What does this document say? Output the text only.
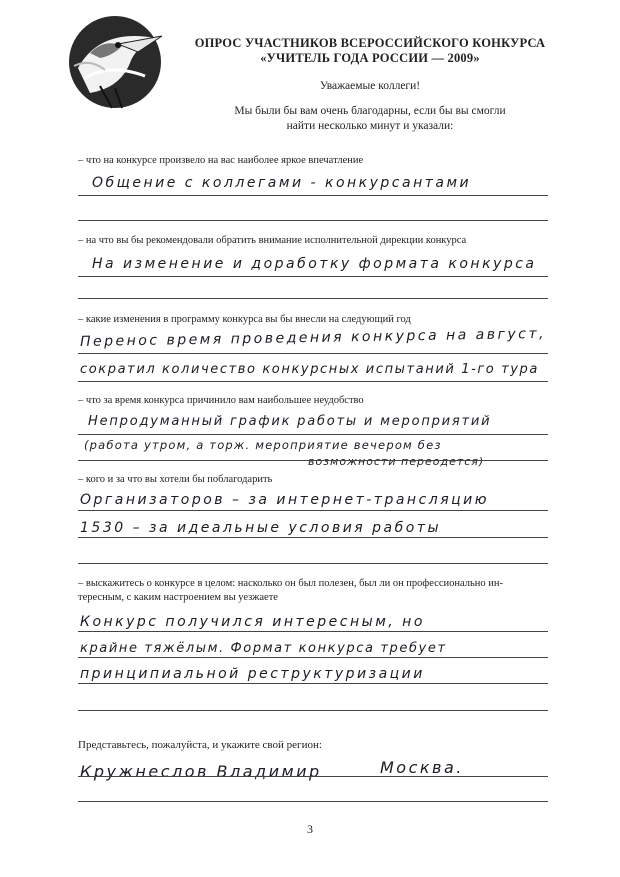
ОПРОС УЧАСТНИКОВ ВСЕРОССИЙСКОГО КОНКУРСА
«УЧИТЕЛЬ ГОДА РОССИИ — 2009»
Уважаемые коллеги!
Мы были бы вам очень благодарны, если бы вы смогли
найти несколько минут и указали:
– что на конкурсе произвело на вас наиболее яркое впечатление
Общение с коллегами - конкурсантами
– на что вы бы рекомендовали обратить внимание исполнительной дирекции конкурса
На изменение и доработку формата конкурса
– какие изменения в программу конкурса вы бы внесли на следующий год
Перенос время проведения конкурса на август,
сократил количество конкурсных испытаний 1-го тура
– что за время конкурса причинило вам наибольшее неудобство
Непродуманный график работы и мероприятий
(работа утром, а торж. мероприятие вечером без
возможности переодется)
– кого и за что вы хотели бы поблагодарить
Организаторов – за интернет-трансляцию
1530 – за идеальные условия работы
– выскажитесь о конкурсе в целом: насколько он был полезен, был ли он профессионально ин-
тересным, с каким настроением вы уезжаете
Конкурс получился интересным, но
крайне тяжёлым. Формат конкурса требует
принципиальной реструктуризации
Представьтесь, пожалуйста, и укажите свой регион:
Кружнеслов Владимир	Москва.
3
